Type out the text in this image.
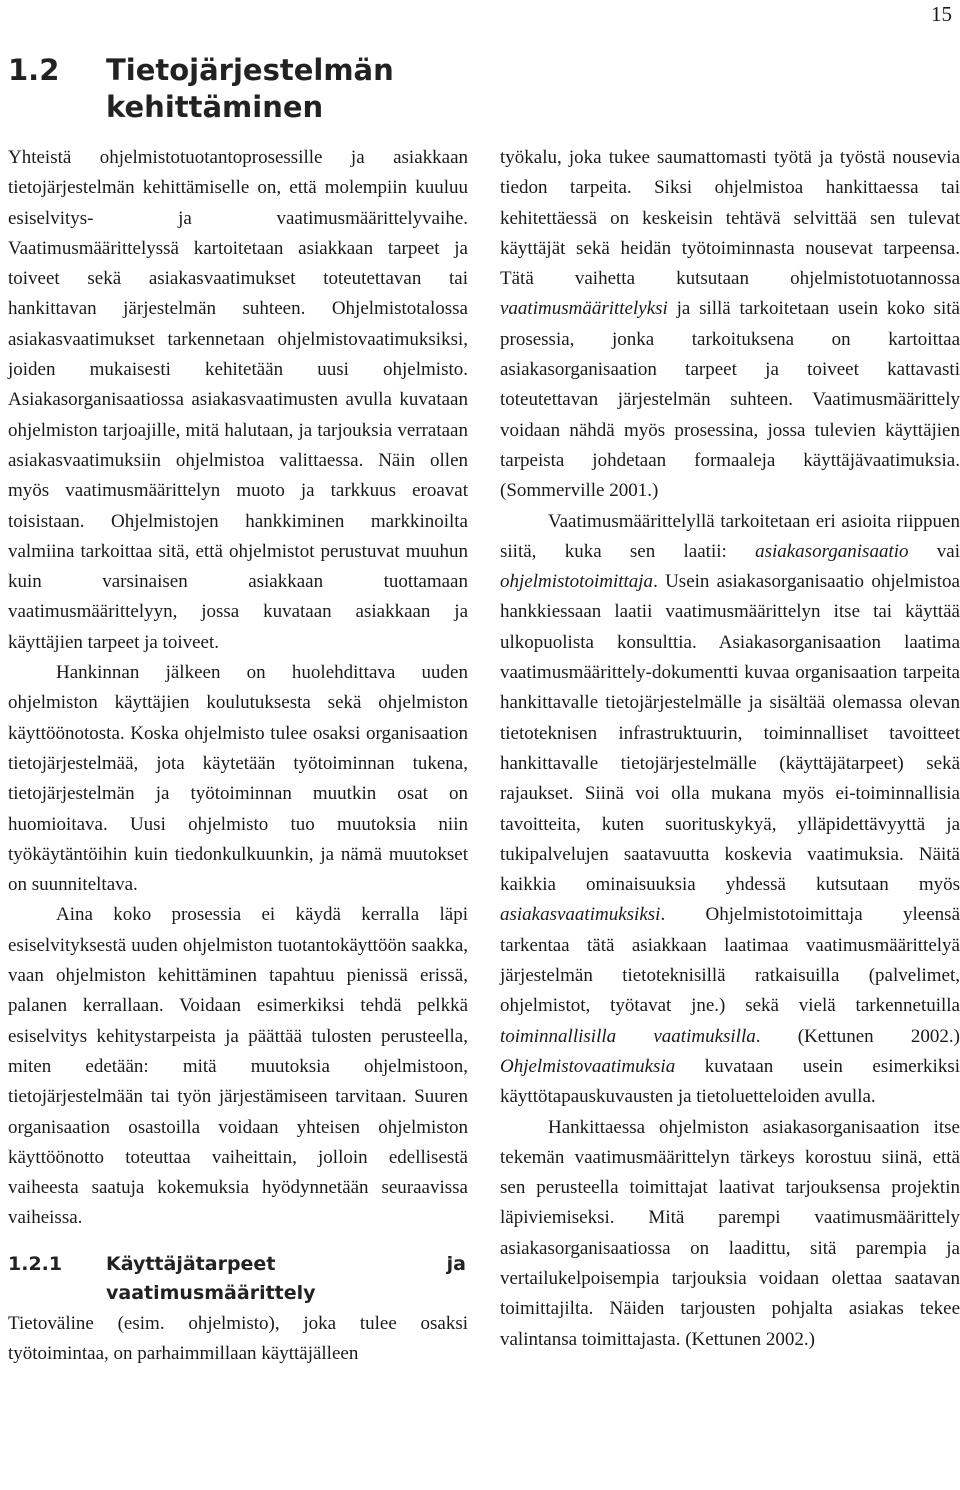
15
1.2	Tietojärjestelmän kehittäminen

Yhteistä ohjelmistotuotantoprosessille ja asiakkaan tietojärjestelmän kehittämiselle on, että molempiin kuuluu esiselvitys- ja vaatimusmäärittelyvaihe. Vaatimusmäärittelyssä kartoitetaan asiakkaan tarpeet ja toiveet sekä asiakasvaatimukset toteutettavan tai hankittavan järjestelmän suhteen. Ohjelmistotalossa asiakasvaatimukset tarkennetaan ohjelmistovaatimuksiksi, joiden mukaisesti kehitetään uusi ohjelmisto. Asiakasorganisaatiossa asiakasvaatimusten avulla kuvataan ohjelmiston tarjoajille, mitä halutaan, ja tarjouksia verrataan asiakasvaatimuksiin ohjelmistoa valittaessa. Näin ollen myös vaatimusmäärittelyn muoto ja tarkkuus eroavat toisistaan. Ohjelmistojen hankkiminen markkinoilta valmiina tarkoittaa sitä, että ohjelmistot perustuvat muuhun kuin varsinaisen asiakkaan tuottamaan vaatimusmäärittelyyn, jossa kuvataan asiakkaan ja käyttäjien tarpeet ja toiveet.

Hankinnan jälkeen on huolehdittava uuden ohjelmiston käyttäjien koulutuksesta sekä ohjelmiston käyttöönotosta. Koska ohjelmisto tulee osaksi organisaation tietojärjestelmää, jota käytetään työtoiminnan tukena, tietojärjestelmän ja työtoiminnan muutkin osat on huomioitava. Uusi ohjelmisto tuo muutoksia niin työkäytäntöihin kuin tiedonkulkuunkin, ja nämä muutokset on suunniteltava.

Aina koko prosessia ei käydä kerralla läpi esiselvityksestä uuden ohjelmiston tuotantokäyttöön saakka, vaan ohjelmiston kehittäminen tapahtuu pienissä erissä, palanen kerrallaan. Voidaan esimerkiksi tehdä pelkkä esiselvitys kehitystarpeista ja päättää tulosten perusteella, miten edetään: mitä muutoksia ohjelmistoon, tietojärjestelmään tai työn järjestämiseen tarvitaan. Suuren organisaation osastoilla voidaan yhteisen ohjelmiston käyttöönotto toteuttaa vaiheittain, jolloin edellisestä vaiheesta saatuja kokemuksia hyödynnetään seuraavissa vaiheissa.

1.2.1	Käyttäjätarpeet ja vaatimusmäärittely

Tietoväline (esim. ohjelmisto), joka tulee osaksi työtoimintaa, on parhaimmillaan käyttäjälleen

työkalu, joka tukee saumattomasti työtä ja työstä nousevia tiedon tarpeita. Siksi ohjelmistoa hankittaessa tai kehitettäessä on keskeisin tehtävä selvittää sen tulevat käyttäjät sekä heidän työtoiminnasta nousevat tarpeensa. Tätä vaihetta kutsutaan ohjelmistotuotannossa vaatimusmäärittelyksi ja sillä tarkoitetaan usein koko sitä prosessia, jonka tarkoituksena on kartoittaa asiakasorganisaation tarpeet ja toiveet kattavasti toteutettavan järjestelmän suhteen. Vaatimusmäärittely voidaan nähdä myös prosessina, jossa tulevien käyttäjien tarpeista johdetaan formaaleja käyttäjävaatimuksia. (Sommerville 2001.)

Vaatimusmäärittelyllä tarkoitetaan eri asioita riippuen siitä, kuka sen laatii: asiakasorganisaatio vai ohjelmistotoimittaja. Usein asiakasorganisaatio ohjelmistoa hankkiessaan laatii vaatimusmäärittelyn itse tai käyttää ulkopuolista konsulttia. Asiakasorganisaation laatima vaatimusmäärittely-dokumentti kuvaa organisaation tarpeita hankittavalle tietojärjestelmälle ja sisältää olemassa olevan tietoteknisen infrastruktuurin, toiminnalliset tavoitteet hankittavalle tietojärjestelmälle (käyttäjätarpeet) sekä rajaukset. Siinä voi olla mukana myös ei-toiminnallisia tavoitteita, kuten suorituskykyä, ylläpidettävyyttä ja tukipalvelujen saatavuutta koskevia vaatimuksia. Näitä kaikkia ominaisuuksia yhdessä kutsutaan myös asiakasvaatimuksiksi. Ohjelmistotoimittaja yleensä tarkentaa tätä asiakkaan laatimaa vaatimusmäärittelyä järjestelmän tietoteknisillä ratkaisuilla (palvelimet, ohjelmistot, työtavat jne.) sekä vielä tarkennetuilla toiminnallisilla vaatimuksilla. (Kettunen 2002.) Ohjelmistovaatimuksia kuvataan usein esimerkiksi käyttötapauskuvausten ja tietoluetteloiden avulla.

Hankittaessa ohjelmiston asiakasorganisaation itse tekemän vaatimusmäärittelyn tärkeys korostuu siinä, että sen perusteella toimittajat laativat tarjouksensa projektin läpiviemiseksi. Mitä parempi vaatimusmäärittely asiakasorganisaatiossa on laadittu, sitä parempia ja vertailukelpoisempia tarjouksia voidaan olettaa saatavan toimittajilta. Näiden tarjousten pohjalta asiakas tekee valintansa toimittajasta. (Kettunen 2002.)
